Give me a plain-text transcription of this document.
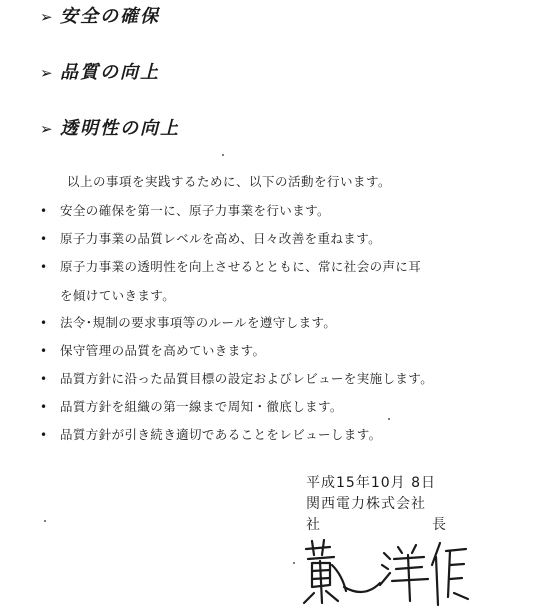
➢ 安全の確保
➢ 品質の向上
➢ 透明性の向上
以上の事項を実践するために、以下の活動を行います。
• 安全の確保を第一に、原子力事業を行います。
• 原子力事業の品質レベルを高め、日々改善を重ねます。
• 原子力事業の透明性を向上させるとともに、常に社会の声に耳
を傾けていきます。
• 法令･規制の要求事項等のルールを遵守します。
• 保守管理の品質を高めていきます。
• 品質方針に沿った品質目標の設定およびレビューを実施します。
• 品質方針を組織の第一線まで周知・徹底します。
• 品質方針が引き続き適切であることをレビューします。
平成15年10月 8日
関西電力株式会社
社	長
